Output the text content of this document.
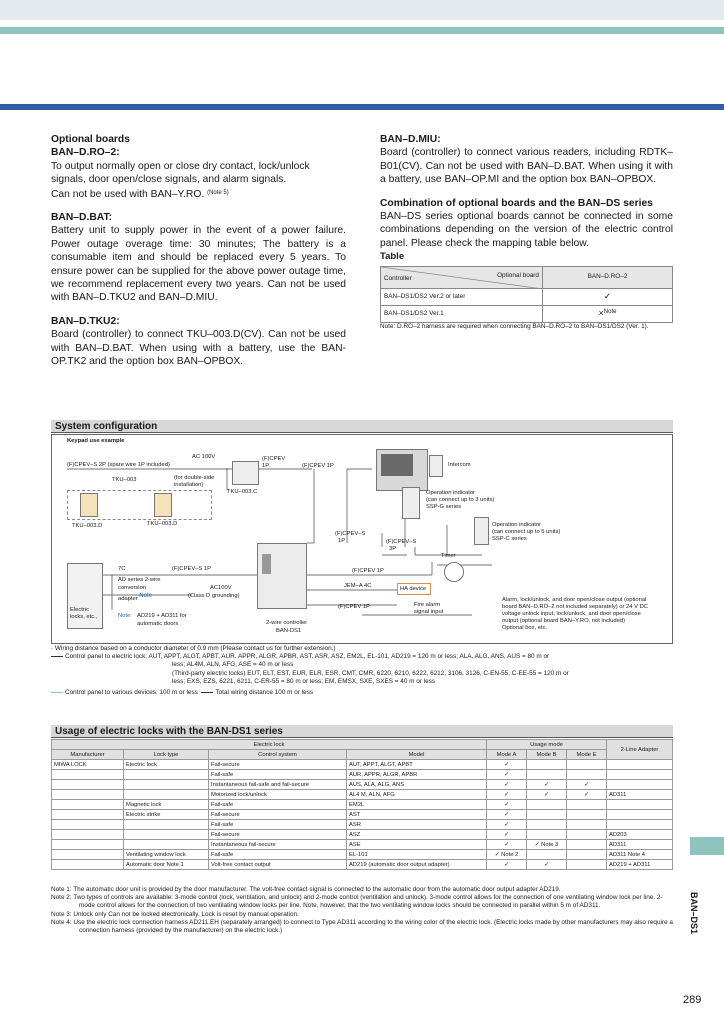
Optional boards

BAN–D.RO–2:

To output normally open or close dry contact, lock/unlock signals, door open/close signals, and alarm signals.

Can not be used with BAN–Y.RO. $^{(Note 5)}$

BAN–D.BAT:

Battery unit to supply power in the event of a power failure. Power outage overage time: 30 minutes; The battery is a consumable item and should be replaced every 5 years. To ensure power can be supplied for the above power outage time, we recommend replacement every two years. Can not be used with BAN–D.TKU2 and BAN–D.MIU.

BAN–D.TKU2:

Board (controller) to connect TKU–003.D(CV). Can not be used with BAN–D.BAT. When using with a battery, use the BAN-OP.TK2 and the option box BAN–OPBOX.

BAN–D.MIU:

Board (controller) to connect various readers, including RDTK–B01(CV). Can not be used with BAN–D.BAT. When using it with a battery, use BAN–OP.MI and the option box BAN–OPBOX.

Combination of optional boards and the BAN–DS series

BAN–DS series optional boards cannot be connected in some combinations depending on the version of the electric control panel. Please check the mapping table below.

Table

Optional board
Controller	BAN–D.RO–2
BAN–DS1/DS2 Ver.2 or later	✓
BAN–DS1/DS2 Ver.1	×$^{Note}$

Note: D.RO–2 harness are required when connecting BAN–D.RO–2 to BAN–DS1/DS2 (Ver. 1).

System configuration
Keypad use example
AC 100V
(F)CPEV–S 2P (spare wire 1P included)
(F)CPEV
1P	(F)CPEV 1P	Intercom
TKU–003	(for double-side
installation)
TKU–003.C
TKU–003.D	TKU–003.D
Operation indicator
(can connect up to 3 units)
SSP-G series
Operation indicator
(can connect up to 5 units)
SSP-C series
(F)CPEV–S
1P	(F)CPEV–S
3P
Timer
Electric
locks, etc.,
7C	(F)CPEV–S 1P
AD series 2-wire
conversion
adapter $^{Note}$
AC100V
(Class D grounding)
Note: AD219 + AD311 for
automatic doors	2-wire controller
BAN-DS1
(F)CPEV 1P
JEM–A 4C	HA device
(F)CPEV 1P	Fire alarm
signal input
Alarm, lock/unlock, and door open/close output (optional
board BAN–D.RO–2 not included separately) or 24 V DC
voltage unlock input, lock/unlock, and door open/close
output (optional board BAN–Y.RO, not included)
Optional box, etc.
· Wiring distance based on a conductor diameter of 0.9 mm (Please contact us for further extension.)
Control panel to electric lock: AUT, APPT, ALGT, APBT, AUR, APPR, ALGR, APBR, AST, ASR, ASZ, EM2L, EL-101, AD219 = 120 m or less; ALA, ALG, ANS, AUS = 80 m or
less; AL4M, ALN, AFG, ASE = 40 m or less
(Third-party electric locks) EUT, ELT, EST, EUR, ELR, ESR, CMT, CMR, 6220, 6210, 6222, 6212, 3106, 3126, C-EN-55, C-EE-55 = 120 m or
less; EXS, EZS, 6221, 6211, C-ER-55 = 80 m or less; EM, EMSX, SXE, SXES = 40 m or less
Control panel to various devices: 100 m or less	Total wiring distance 100 m or less
Usage of electric locks with the BAN-DS1 series
Electric lock				Usage mode			2-Line Adapter
Manufacturer	Lock type	Control system	Model	Mode A	Mode B	Mode E	
MIWA LOCK	Electric lock	Fail-secure	AUT, APPT, ALGT, APBT	✓			
		Fail-safe	AUR, APPR, ALGR, APBR	✓			
		Instantaneous fail-safe and fail-secure	AUS, ALA, ALG, ANS	✓	✓	✓	
		Motorized lock/unlock	AL4 M, ALN, AFG	✓	✓	✓	AD311
	Magnetic lock	Fail-safe	EM2L	✓			
	Electric strike	Fail-secure	AST	✓			
		Fail-safe	ASR	✓			
		Fail-secure	ASZ	✓			AD203
		Instantaneous fail-secure	ASE	✓	✓ Note 3		AD311
	Ventilating window lock	Fail-safe	EL-101	✓ Note 2			AD311 Note 4
	Automatic door Note 1	Volt-free contact output	AD219 (automatic door output adapter)	✓	✓		AD219 + AD311

Note 1: The automatic door unit is provided by the door manufacturer. The volt-free contact signal is connected to the automatic door from the automatic door output adapter AD219.

Note 2: Two types of controls are available: 3-mode control (lock, ventilation, and unlock) and 2-mode control (ventilation and unlock). 3-mode control allows for the connection of one ventilating window lock per line. 2-mode control allows for the connection of two ventilating window locks per line. Note, however, that the two ventilating window locks should be connected in parallel within 5 m of AD311.

Note 3: Unlock only Can not be locked electronically. Lock is reset by manual operation.

Note 4: Use the electric lock connection harness AD211.EH (separately arranged) to connect to Type AD311 according to the wiring color of the electric lock. (Electric locks made by other manufacturers may also require a connection harness (provided by the manufacturer) on the electric lock.)	BAN–DS1
289
